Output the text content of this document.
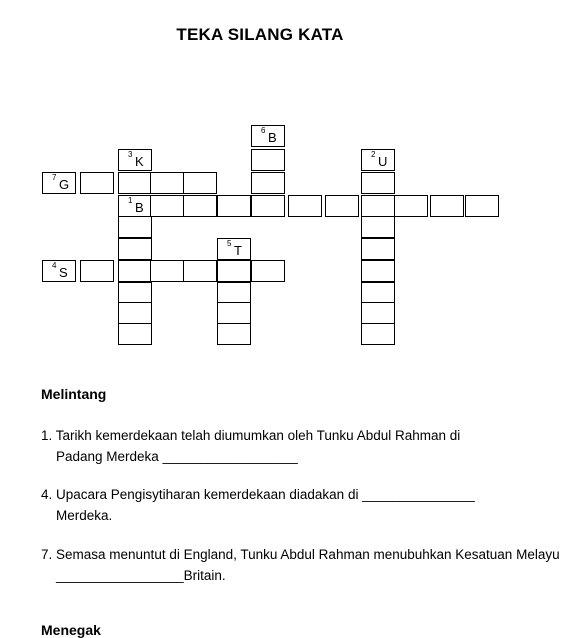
TEKA SILANG KATA
7 G
1 B
4 S
3 K
6 B
5 T
2 U
Melintang
1. Tarikh kemerdekaan telah diumumkan oleh Tunku Abdul Rahman di
Padang Merdeka __________________
4. Upacara Pengisytiharan kemerdekaan diadakan di _______________
Merdeka.
7. Semasa menuntut di England, Tunku Abdul Rahman menubuhkan Kesatuan Melayu
_________________Britain.
Menegak
